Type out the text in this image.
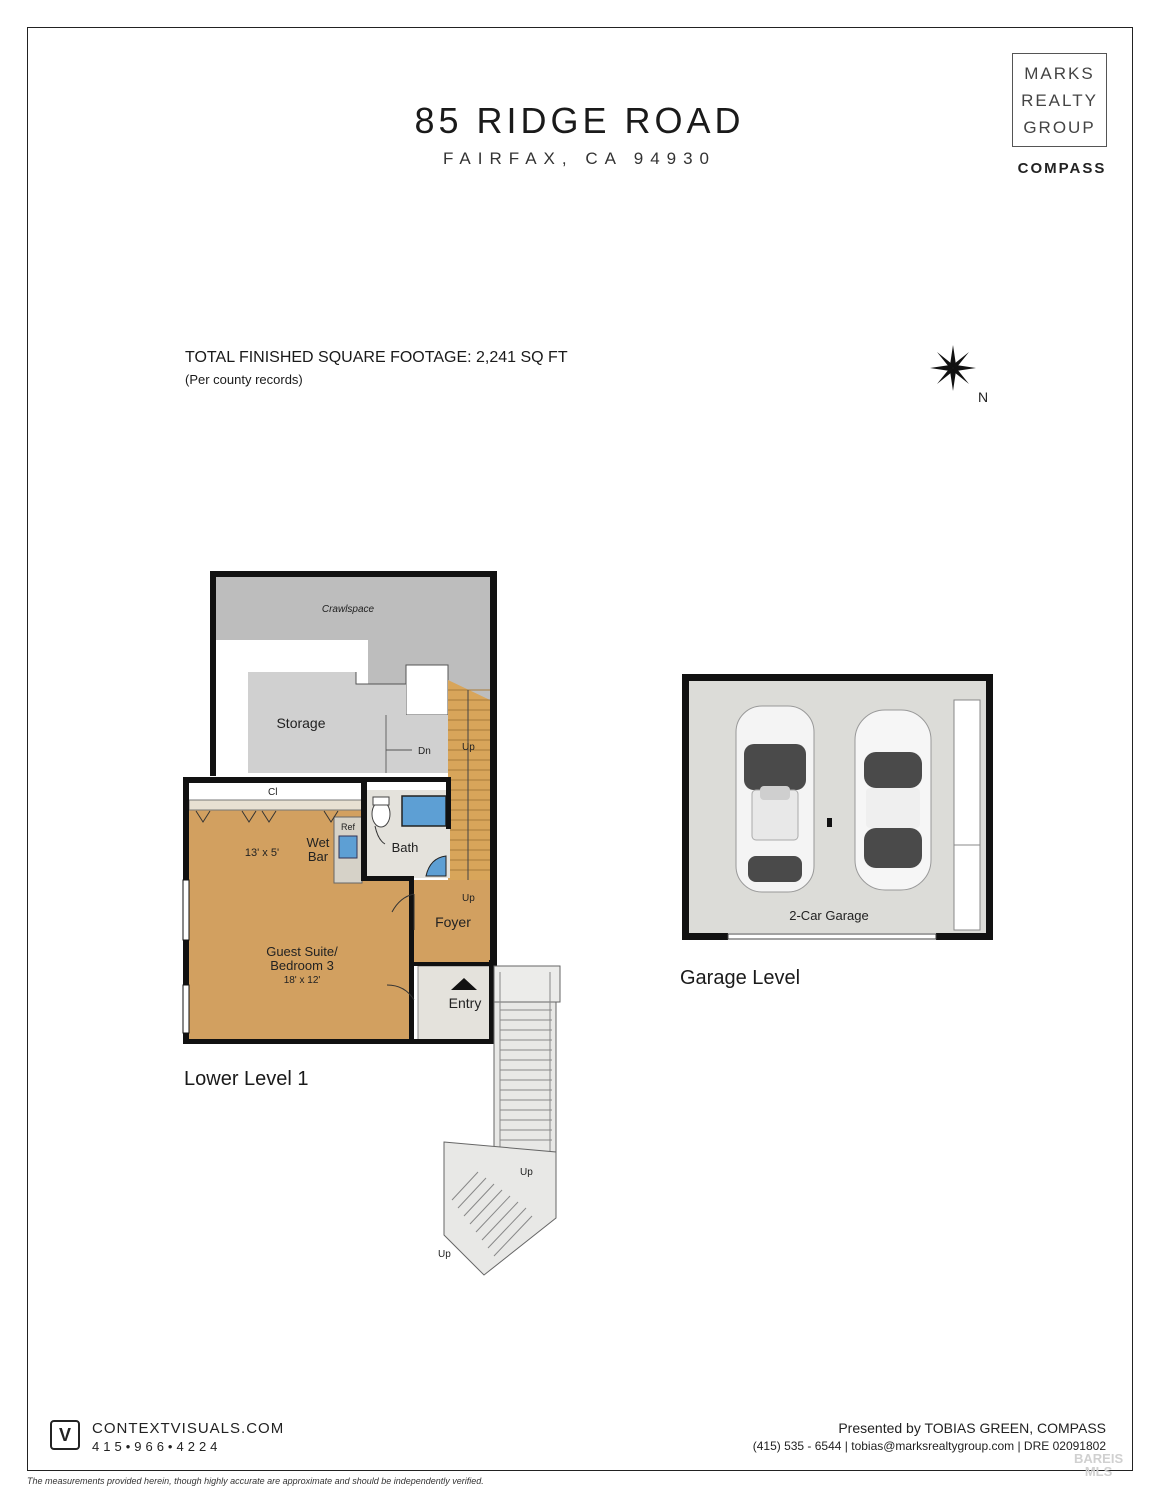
85 RIDGE ROAD
FAIRFAX, CA 94930
MARKS
REALTY
GROUP
COMPASS
TOTAL FINISHED SQUARE FOOTAGE: 2,241 SQ FT
(Per county records)
N
Crawlspace
Storage
Dn	Up
Cl
13' x 5'
Wet
Bar
Ref
Bath
Up
Foyer
Guest Suite/
Bedroom 3
18' x 12'
Entry
Up
Up
2-Car Garage
Lower Level 1
Garage Level
V	CONTEXTVISUALS.COM
415•966•4224
Presented by TOBIAS GREEN, COMPASS
(415) 535 - 6544 | tobias@marksrealtygroup.com | DRE 02091802
The measurements provided herein, though highly accurate are approximate and should be independently verified.
BAREIS
MLS
